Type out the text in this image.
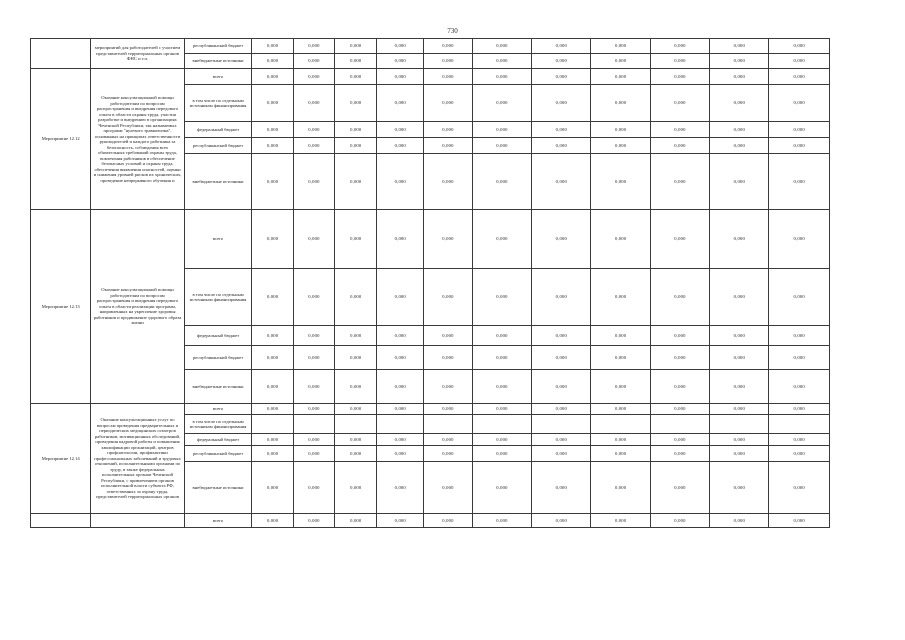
730
	мероприятий для работодателей с участием представителей территориальных органов ФНС и т.п.	республиканский бюджет	0,000	0,000	0,000	0,000	0,000	0,000	0,000	0,000	0,000	0,000	0,000
		внебюджетные источники	0,000	0,000	0,000	0,000	0,000	0,000	0,000	0,000	0,000	0,000	0,000
Мероприятие 12.12	Оказание консультационной помощи работодателям по вопросам распространения и внедрения передового опыта в области охраны труда, участия разработке и внедрению в организациях Чеченской Республики, так называемых программ "нулевого травматизма", основанных на принципах ответственности руководителей и каждого работника за безопасность, соблюдения всех обязательных требований охраны труда, вовлечения работников в обеспечение безопасных условий и охраны труда, обеспечения выявления опасностей, оценки и снижения уровней рисков их хронических, проведение непрерывного обучения и	всего	0,000	0,000	0,000	0,000	0,000	0,000	0,000	0,000	0,000	0,000	0,000
		в том числе по отдельным источникам финансирования	0,000	0,000	0,000	0,000	0,000	0,000	0,000	0,000	0,000	0,000	0,000
		федеральный бюджет	0,000	0,000	0,000	0,000	0,000	0,000	0,000	0,000	0,000	0,000	0,000
		республиканский бюджет	0,000	0,000	0,000	0,000	0,000	0,000	0,000	0,000	0,000	0,000	0,000
		внебюджетные источники	0,000	0,000	0,000	0,000	0,000	0,000	0,000	0,000	0,000	0,000	0,000
Мероприятие 12.13	Оказание консультационной помощи работодателям по вопросам распространения и внедрения передового опыта в области реализации программ, направленных на укрепление здоровья работников и продвижение здорового образа жизни	всего	0,000	0,000	0,000	0,000	0,000	0,000	0,000	0,000	0,000	0,000	0,000
		в том числе по отдельным источникам финансирования	0,000	0,000	0,000	0,000	0,000	0,000	0,000	0,000	0,000	0,000	0,000
		федеральный бюджет	0,000	0,000	0,000	0,000	0,000	0,000	0,000	0,000	0,000	0,000	0,000
		республиканский бюджет	0,000	0,000	0,000	0,000	0,000	0,000	0,000	0,000	0,000	0,000	0,000
		внебюджетные источники	0,000	0,000	0,000	0,000	0,000	0,000	0,000	0,000	0,000	0,000	0,000
Мероприятие 12.14	Оказание консультационных услуг по вопросам проведения предварительных и периодических медицинских осмотров работников, мотивационных обследований, проведения кадровой работы и повышения квалификации организаций, центров профпатологии, профилактики профессиональных заболеваний и трудовых отношений, исполнительными органами по труду, в также федеральных исполнительных органов Чеченской Республики, с привлечением органов исполнительной власти субъекта РФ, ответственных за охрану труда, представителей территориальных органов	всего	0,000	0,000	0,000	0,000	0,000	0,000	0,000	0,000	0,000	0,000	0,000
		в том числе по отдельным источникам финансирования											
		федеральный бюджет	0,000	0,000	0,000	0,000	0,000	0,000	0,000	0,000	0,000	0,000	0,000
		республиканский бюджет	0,000	0,000	0,000	0,000	0,000	0,000	0,000	0,000	0,000	0,000	0,000
		внебюджетные источники	0,000	0,000	0,000	0,000	0,000	0,000	0,000	0,000	0,000	0,000	0,000
		всего	0,000	0,000	0,000	0,000	0,000	0,000	0,000	0,000	0,000	0,000	0,000
